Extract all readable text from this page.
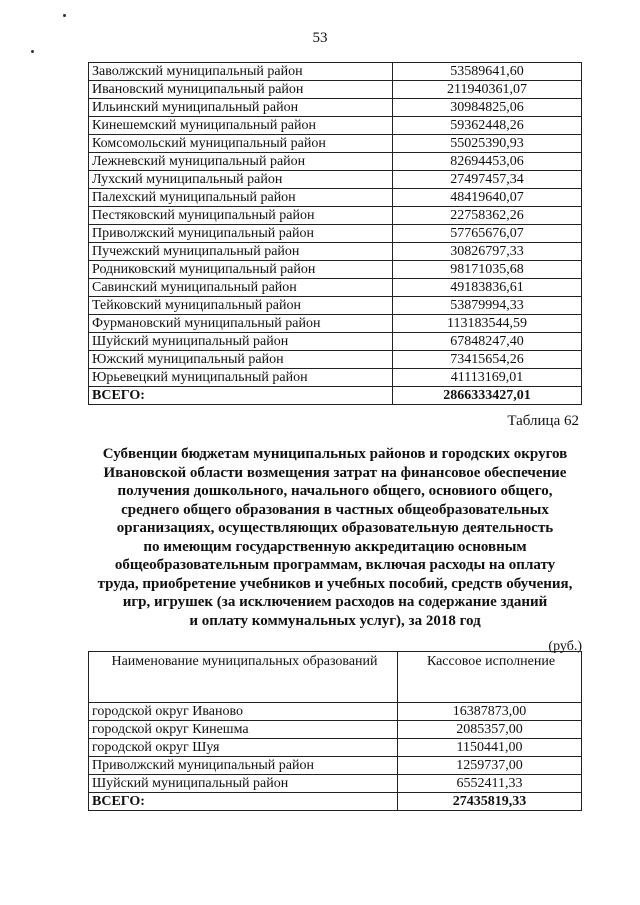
53
Заволжский муниципальный район	53589641,60
Ивановский муниципальный район	211940361,07
Ильинский муниципальный район	30984825,06
Кинешемский муниципальный район	59362448,26
Комсомольский муниципальный район	55025390,93
Лежневский муниципальный район	82694453,06
Лухский муниципальный район	27497457,34
Палехский муниципальный район	48419640,07
Пестяковский муниципальный район	22758362,26
Приволжский муниципальный район	57765676,07
Пучежский муниципальный район	30826797,33
Родниковский муниципальный район	98171035,68
Савинский муниципальный район	49183836,61
Тейковский муниципальный район	53879994,33
Фурмановский муниципальный район	113183544,59
Шуйский муниципальный район	67848247,40
Южский муниципальный район	73415654,26
Юрьевецкий муниципальный район	41113169,01
ВСЕГО:	2866333427,01
Таблица 62
Субвенции бюджетам муниципальных районов и городских округов
Ивановской области возмещения затрат на финансовое обеспечение
получения дошкольного, начального общего, основиого общего,
среднего общего образования в частных общеобразовательных
организациях, осуществляющих образовательную деятельность
по имеющим государственную аккредитацию основным
общеобразовательным программам, включая расходы на оплату
труда, приобретение учебников и учебных пособий, средств обучения,
игр, игрушек (за исключением расходов на содержание зданий
и оплату коммунальных услуг), за 2018 год
(руб.)
Наименование муниципальных образований	Кассовое исполнение
городской округ Иваново	16387873,00
городской округ Кинешма	2085357,00
городской округ Шуя	1150441,00
Приволжский муниципальный район	1259737,00
Шуйский муниципальный район	6552411,33
ВСЕГО:	27435819,33
